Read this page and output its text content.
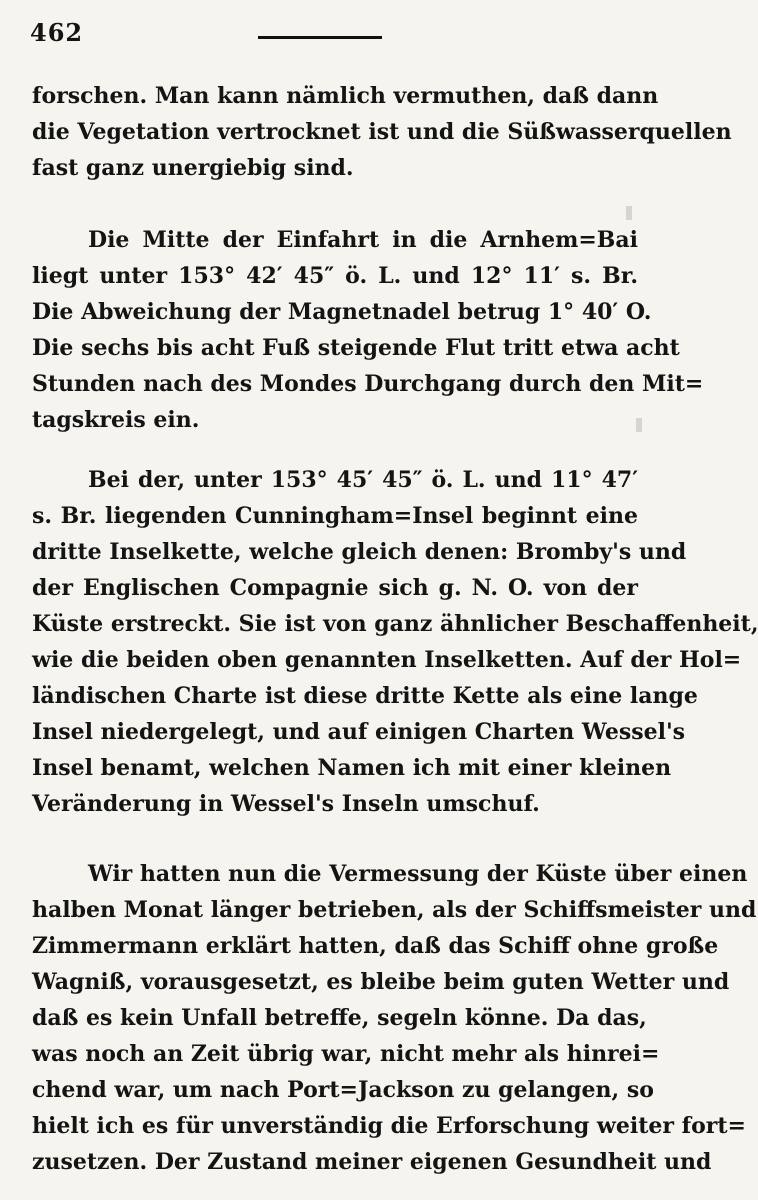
462
forschen. Man kann nämlich vermuthen, daß dann
die Vegetation vertrocknet ist und die Süßwasserquellen
fast ganz unergiebig sind.
Die Mitte der Einfahrt in die Arnhem=Bai
liegt unter 153° 42′ 45″ ö. L. und 12° 11′ s. Br.
Die Abweichung der Magnetnadel betrug 1° 40′ O.
Die sechs bis acht Fuß steigende Flut tritt etwa acht
Stunden nach des Mondes Durchgang durch den Mit=
tagskreis ein.
Bei der, unter 153° 45′ 45″ ö. L. und 11° 47′
s. Br. liegenden Cunningham=Insel beginnt eine
dritte Inselkette, welche gleich denen: Bromby's und
der Englischen Compagnie sich g. N. O. von der
Küste erstreckt. Sie ist von ganz ähnlicher Beschaffenheit,
wie die beiden oben genannten Inselketten. Auf der Hol=
ländischen Charte ist diese dritte Kette als eine lange
Insel niedergelegt, und auf einigen Charten Wessel's
Insel benamt, welchen Namen ich mit einer kleinen
Veränderung in Wessel's Inseln umschuf.
Wir hatten nun die Vermessung der Küste über einen
halben Monat länger betrieben, als der Schiffsmeister und
Zimmermann erklärt hatten, daß das Schiff ohne große
Wagniß, vorausgesetzt, es bleibe beim guten Wetter und
daß es kein Unfall betreffe, segeln könne. Da das,
was noch an Zeit übrig war, nicht mehr als hinrei=
chend war, um nach Port=Jackson zu gelangen, so
hielt ich es für unverständig die Erforschung weiter fort=
zusetzen. Der Zustand meiner eigenen Gesundheit und
